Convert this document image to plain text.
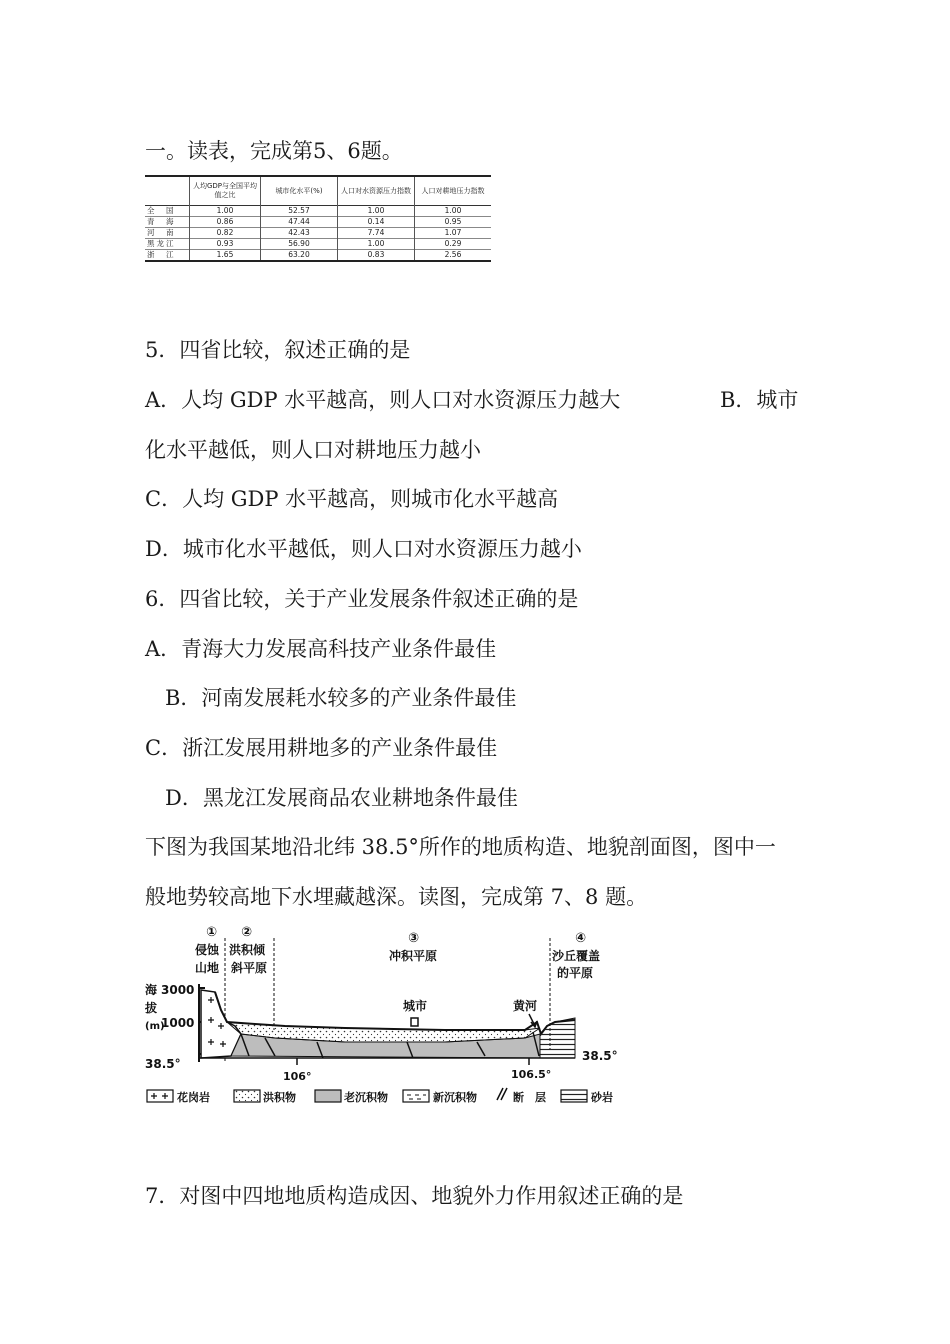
一。读表，完成第5、6题。
	人均GDP与全国平均值之比	城市化水平(%)	人口对水资源压力指数	人口对耕地压力指数
全　国	1.00	52.57	1.00	1.00
青　海	0.86	47.44	0.14	0.95
河　南	0.82	42.43	7.74	1.07
黑龙江	0.93	56.90	1.00	0.29
浙　江	1.65	63.20	0.83	2.56
5．四省比较，叙述正确的是
A．人均 GDP 水平越高，则人口对水资源压力越大	B．城市
化水平越低，则人口对耕地压力越小
C．人均 GDP 水平越高，则城市化水平越高
D．城市化水平越低，则人口对水资源压力越小
6．四省比较，关于产业发展条件叙述正确的是
A．青海大力发展高科技产业条件最佳
B．河南发展耗水较多的产业条件最佳
C．浙江发展用耕地多的产业条件最佳
D．黑龙江发展商品农业耕地条件最佳
下图为我国某地沿北纬 38.5°所作的地质构造、地貌剖面图，图中一
般地势较高地下水埋藏越深。读图，完成第 7、8 题。
①
侵蚀
山地
②
洪积倾
斜平原
③
冲积平原
④
沙丘覆盖
的平原
海
拔
(m)
3000
1000
城市	黄河
38.5°
38.5°
106°	106.5°
花岗岩	洪积物	老沉积物	新沉积物	断　层	砂岩
7．对图中四地地质构造成因、地貌外力作用叙述正确的是
